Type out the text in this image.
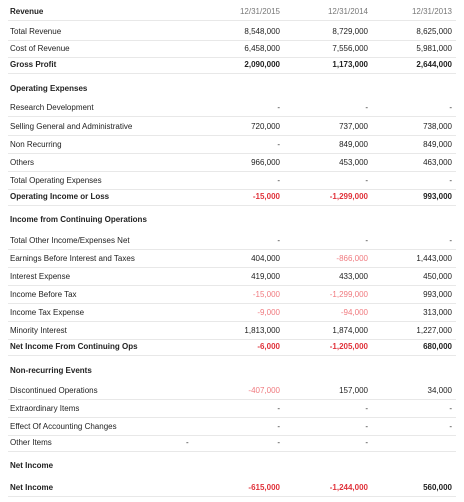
Revenue	12/31/2015	12/31/2014	12/31/2013
Total Revenue	8,548,000	8,729,000	8,625,000
Cost of Revenue	6,458,000	7,556,000	5,981,000
Gross Profit	2,090,000	1,173,000	2,644,000
Operating Expenses
Research Development	-	-	-
Selling General and Administrative	720,000	737,000	738,000
Non Recurring	-	849,000	849,000
Others	966,000	453,000	463,000
Total Operating Expenses	-	-	-
Operating Income or Loss	-15,000	-1,299,000	993,000
Income from Continuing Operations
Total Other Income/Expenses Net	-	-	-
Earnings Before Interest and Taxes	404,000	-866,000	1,443,000
Interest Expense	419,000	433,000	450,000
Income Before Tax	-15,000	-1,299,000	993,000
Income Tax Expense	-9,000	-94,000	313,000
Minority Interest	1,813,000	1,874,000	1,227,000
Net Income From Continuing Ops	-6,000	-1,205,000	680,000
Non-recurring Events
Discontinued Operations	-407,000	157,000	34,000
Extraordinary Items	-	-	-
Effect Of Accounting Changes	-	-	-
Other Items	-	-	-
Net Income
Net Income	-615,000	-1,244,000	560,000
